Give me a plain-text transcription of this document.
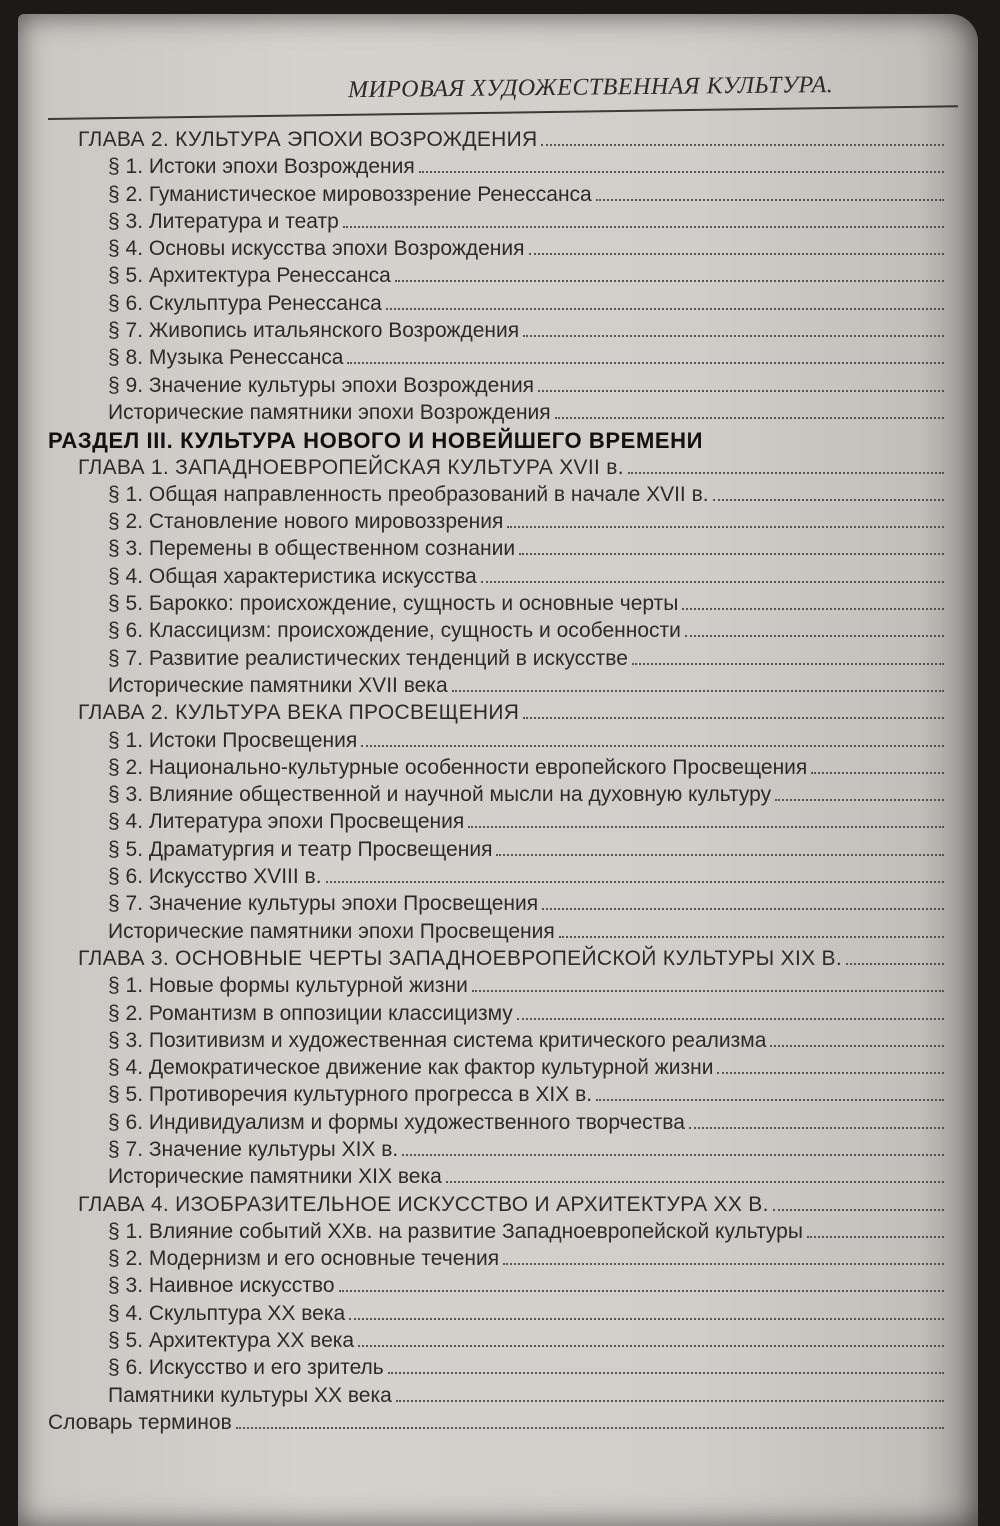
МИРОВАЯ ХУДОЖЕСТВЕННАЯ КУЛЬТУРА.
ГЛАВА 2. КУЛЬТУРА ЭПОХИ ВОЗРОЖДЕНИЯ
§ 1. Истоки эпохи Возрождения
§ 2. Гуманистическое мировоззрение Ренессанса
§ 3. Литература и театр
§ 4. Основы искусства эпохи Возрождения
§ 5. Архитектура Ренессанса
§ 6. Скульптура Ренессанса
§ 7. Живопись итальянского Возрождения
§ 8. Музыка Ренессанса
§ 9. Значение культуры эпохи Возрождения
Исторические памятники эпохи Возрождения
РАЗДЕЛ III. КУЛЬТУРА НОВОГО И НОВЕЙШЕГО ВРЕМЕНИ
ГЛАВА 1. ЗАПАДНОЕВРОПЕЙСКАЯ КУЛЬТУРА XVII в.
§ 1. Общая направленность преобразований в начале XVII в.
§ 2. Становление нового мировоззрения
§ 3. Перемены в общественном сознании
§ 4. Общая характеристика искусства
§ 5. Барокко: происхождение, сущность и основные черты
§ 6. Классицизм: происхождение, сущность и особенности
§ 7. Развитие реалистических тенденций в искусстве
Исторические памятники XVII века
ГЛАВА 2. КУЛЬТУРА ВЕКА ПРОСВЕЩЕНИЯ
§ 1. Истоки Просвещения
§ 2. Национально-культурные особенности европейского Просвещения
§ 3. Влияние общественной и научной мысли на духовную культуру
§ 4. Литература эпохи Просвещения
§ 5. Драматургия и театр Просвещения
§ 6. Искусство XVIII в.
§ 7. Значение культуры эпохи Просвещения
Исторические памятники эпохи Просвещения
ГЛАВА 3. ОСНОВНЫЕ ЧЕРТЫ ЗАПАДНОЕВРОПЕЙСКОЙ КУЛЬТУРЫ XIX В.
§ 1. Новые формы культурной жизни
§ 2. Романтизм в оппозиции классицизму
§ 3. Позитивизм и художественная система критического реализма
§ 4. Демократическое движение как фактор культурной жизни
§ 5. Противоречия культурного прогресса в XIX в.
§ 6. Индивидуализм и формы художественного творчества
§ 7. Значение культуры XIX в.
Исторические памятники XIX века
ГЛАВА 4. ИЗОБРАЗИТЕЛЬНОЕ ИСКУССТВО И АРХИТЕКТУРА XX В.
§ 1. Влияние событий XXв. на развитие Западноевропейской культуры
§ 2. Модернизм и его основные течения
§ 3. Наивное искусство
§ 4. Скульптура XX века
§ 5. Архитектура XX века
§ 6. Искусство и его зритель
Памятники культуры XX века
Словарь терминов
